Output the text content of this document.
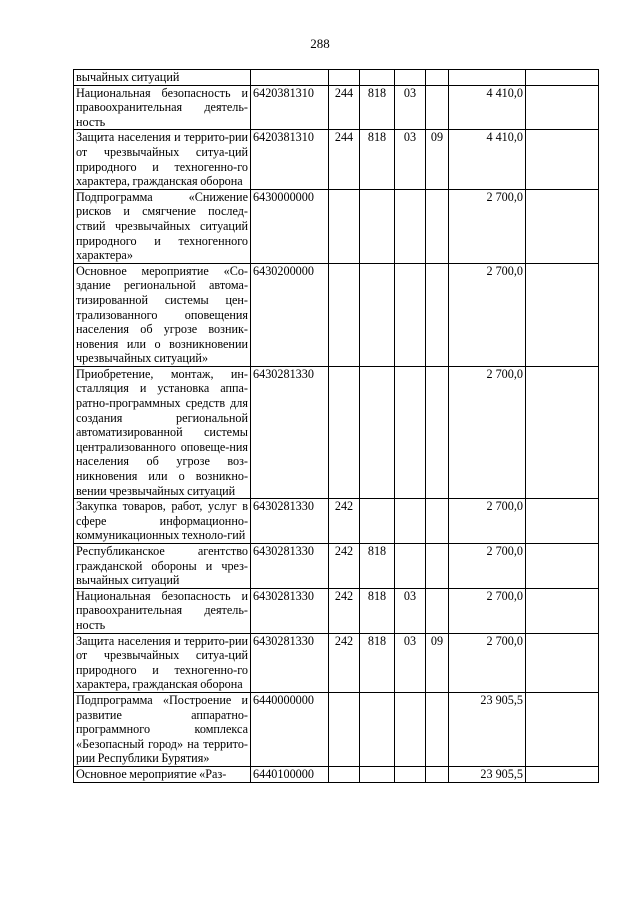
288
вычайных ситуаций							
Национальная безопасность и правоохранительная деятель-ность	6420381310	244	818	03		4 410,0	
Защита населения и террито-рии от чрезвычайных ситуа-ций природного и техногенно-го характера, гражданская оборона	6420381310	244	818	03	09	4 410,0	
Подпрограмма «Снижение рисков и смягчение послед-ствий чрезвычайных ситуаций природного и техногенного характера»	6430000000					2 700,0	
Основное мероприятие «Со-здание региональной автома-тизированной системы цен-трализованного оповещения населения об угрозе возник-новения или о возникновении чрезвычайных ситуаций»	6430200000					2 700,0	
Приобретение, монтаж, ин-сталляция и установка аппа-ратно-программных средств для создания региональной автоматизированной системы централизованного оповеще-ния населения об угрозе воз-никновения или о возникно-вении чрезвычайных ситуаций	6430281330					2 700,0	
Закупка товаров, работ, услуг в сфере информационно-коммуникационных техноло-гий	6430281330	242				2 700,0	
Республиканское агентство гражданской обороны и чрез-вычайных ситуаций	6430281330	242	818			2 700,0	
Национальная безопасность и правоохранительная деятель-ность	6430281330	242	818	03		2 700,0	
Защита населения и террито-рии от чрезвычайных ситуа-ций природного и техногенно-го характера, гражданская оборона	6430281330	242	818	03	09	2 700,0	
Подпрограмма «Построение и развитие аппаратно-программного комплекса «Безопасный город» на террито-рии Республики Бурятия»	6440000000					23 905,5	
Основное мероприятие «Раз-	6440100000					23 905,5	
